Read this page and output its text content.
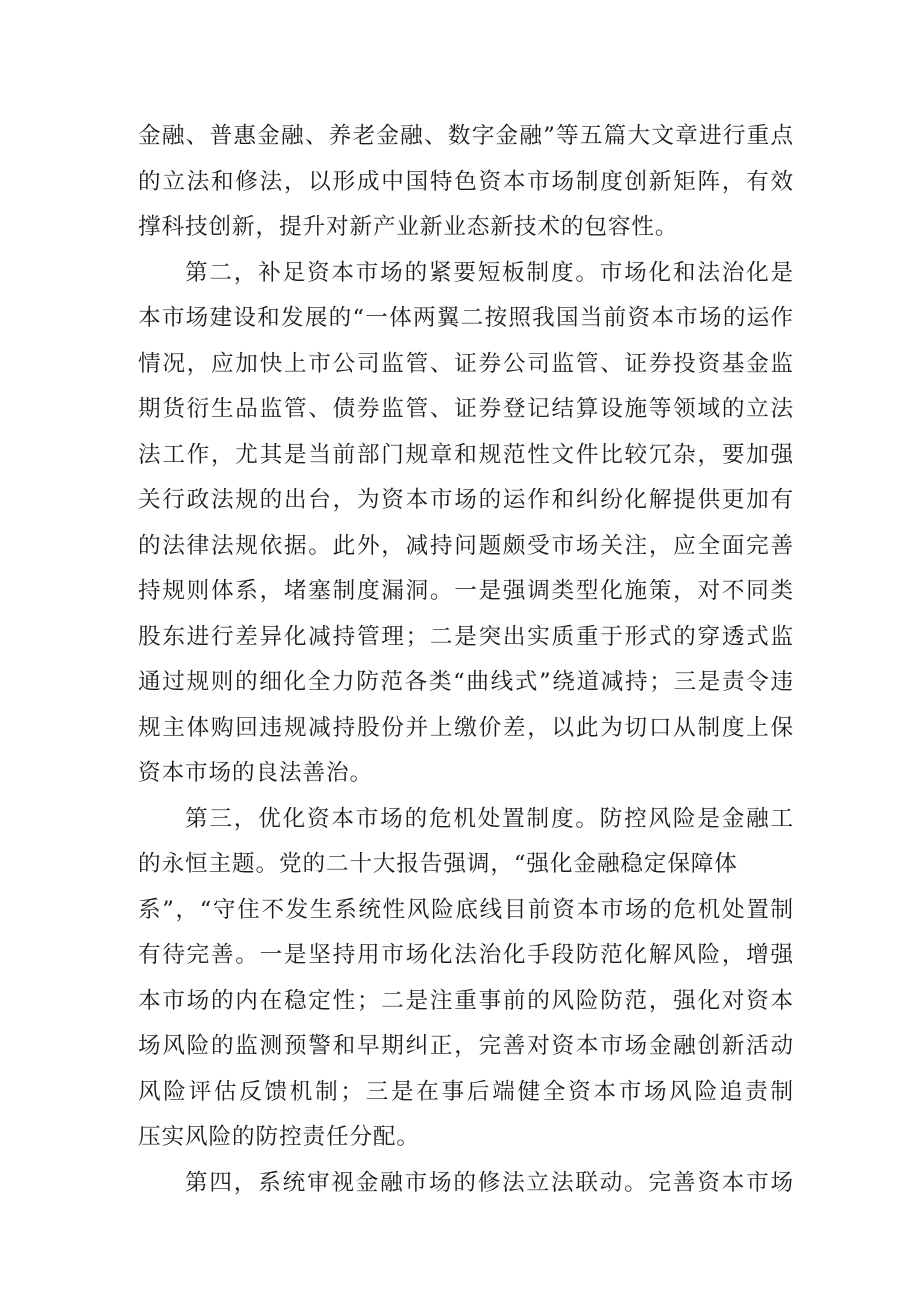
金融、普惠金融、养老金融、数字金融”等五篇大文章进行重点
的立法和修法，以形成中国特色资本市场制度创新矩阵，有效
撑科技创新，提升对新产业新业态新技术的包容性。
第二，补足资本市场的紧要短板制度。市场化和法治化是
本市场建设和发展的“一体两翼二按照我国当前资本市场的运作
情况，应加快上市公司监管、证券公司监管、证券投资基金监
期货衍生品监管、债券监管、证券登记结算设施等领域的立法
法工作，尤其是当前部门规章和规范性文件比较冗杂，要加强
关行政法规的出台，为资本市场的运作和纠纷化解提供更加有
的法律法规依据。此外，减持问题颇受市场关注，应全面完善
持规则体系，堵塞制度漏洞。一是强调类型化施策，对不同类
股东进行差异化减持管理；二是突出实质重于形式的穿透式监
通过规则的细化全力防范各类“曲线式”绕道减持；三是责令违
规主体购回违规减持股份并上缴价差，以此为切口从制度上保
资本市场的良法善治。
第三，优化资本市场的危机处置制度。防控风险是金融工
的永恒主题。党的二十大报告强调，“强化金融稳定保障体
系”，“守住不发生系统性风险底线目前资本市场的危机处置制
有待完善。一是坚持用市场化法治化手段防范化解风险，增强
本市场的内在稳定性；二是注重事前的风险防范，强化对资本
场风险的监测预警和早期纠正，完善对资本市场金融创新活动
风险评估反馈机制；三是在事后端健全资本市场风险追责制
压实风险的防控责任分配。
第四，系统审视金融市场的修法立法联动。完善资本市场
